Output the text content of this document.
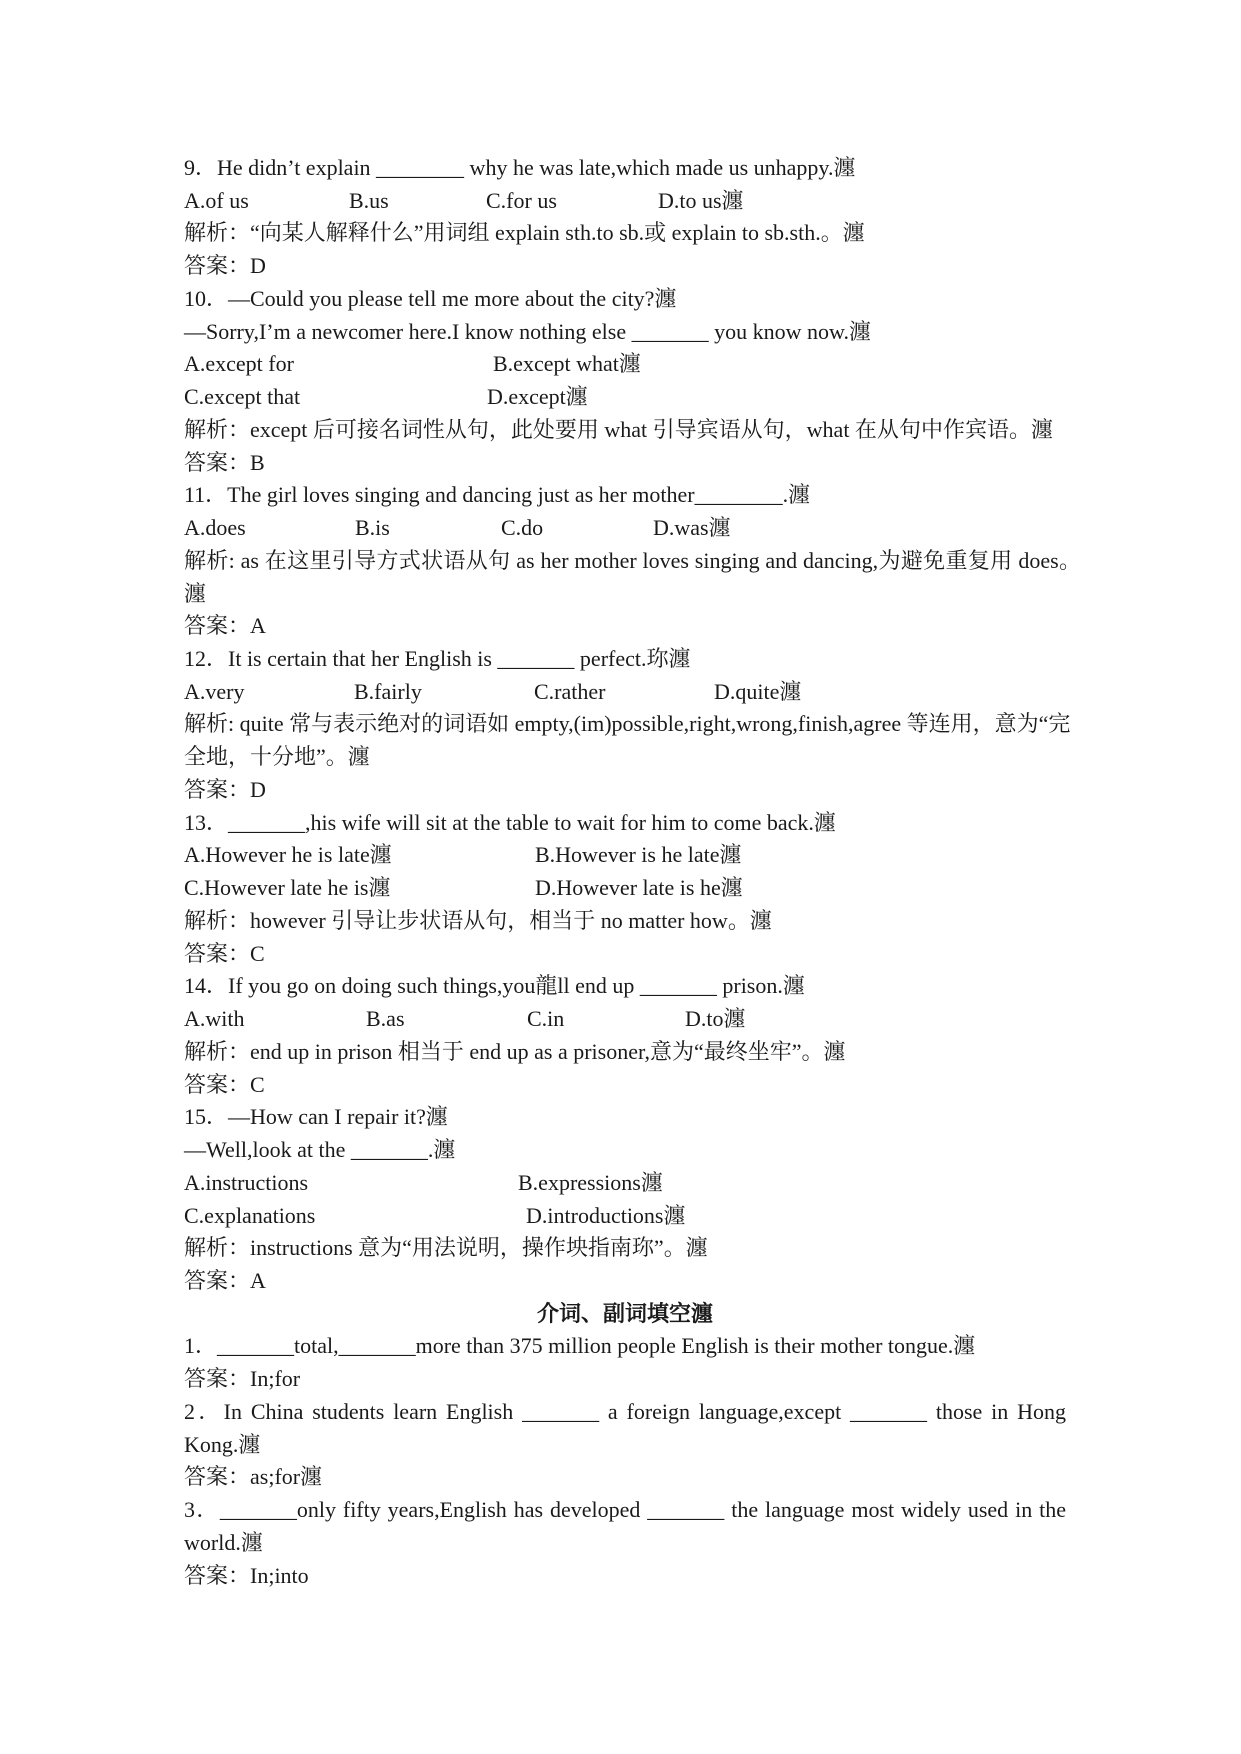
9．He didn’t explain ________ why he was late,which made us unhappy.瀍
A.of us	B.us	C.for us	D.to us瀍
解析：“向某人解释什么”用词组 explain sth.to sb.或 explain to sb.sth.。瀍
答案：D
10．—Could you please tell me more about the city?瀍
—Sorry,I’m a newcomer here.I know nothing else _______ you know now.瀍
A.except for	B.except what瀍
C.except that	D.except瀍
解析：except 后可接名词性从句，此处要用 what 引导宾语从句，what 在从句中作宾语。瀍
答案：B
11．The girl loves singing and dancing just as her mother________.瀍
A.does	B.is	C.do	D.was瀍
解析: as 在这里引导方式状语从句 as her mother loves singing and dancing,为避免重复用 does。
瀍
答案：A
12．It is certain that her English is _______ perfect.珎瀍
A.very	B.fairly	C.rather	D.quite瀍
解析: quite 常与表示绝对的词语如 empty,(im)possible,right,wrong,finish,agree 等连用，意为“完
全地，十分地”。瀍
答案：D
13．_______,his wife will sit at the table to wait for him to come back.瀍
A.However he is late瀍	B.However is he late瀍
C.However late he is瀍	D.However late is he瀍
解析：however 引导让步状语从句，相当于 no matter how。瀍
答案：C
14．If you go on doing such things,you龍ll end up _______ prison.瀍
A.with	B.as	C.in	D.to瀍
解析：end up in prison 相当于 end up as a prisoner,意为“最终坐牢”。瀍
答案：C
15．—How can I repair it?瀍
—Well,look at the _______.瀍
A.instructions	B.expressions瀍
C.explanations	D.introductions瀍
解析：instructions 意为“用法说明，操作坱指南珎”。瀍
答案：A
介词、副词填空瀍
1．_______total,_______more than 375 million people English is their mother tongue.瀍
答案：In;for
2．In China students learn English _______ a foreign language,except _______ those in Hong
Kong.瀍
答案：as;for瀍
3．_______only fifty years,English has developed _______ the language most widely used in the
world.瀍
答案：In;into
